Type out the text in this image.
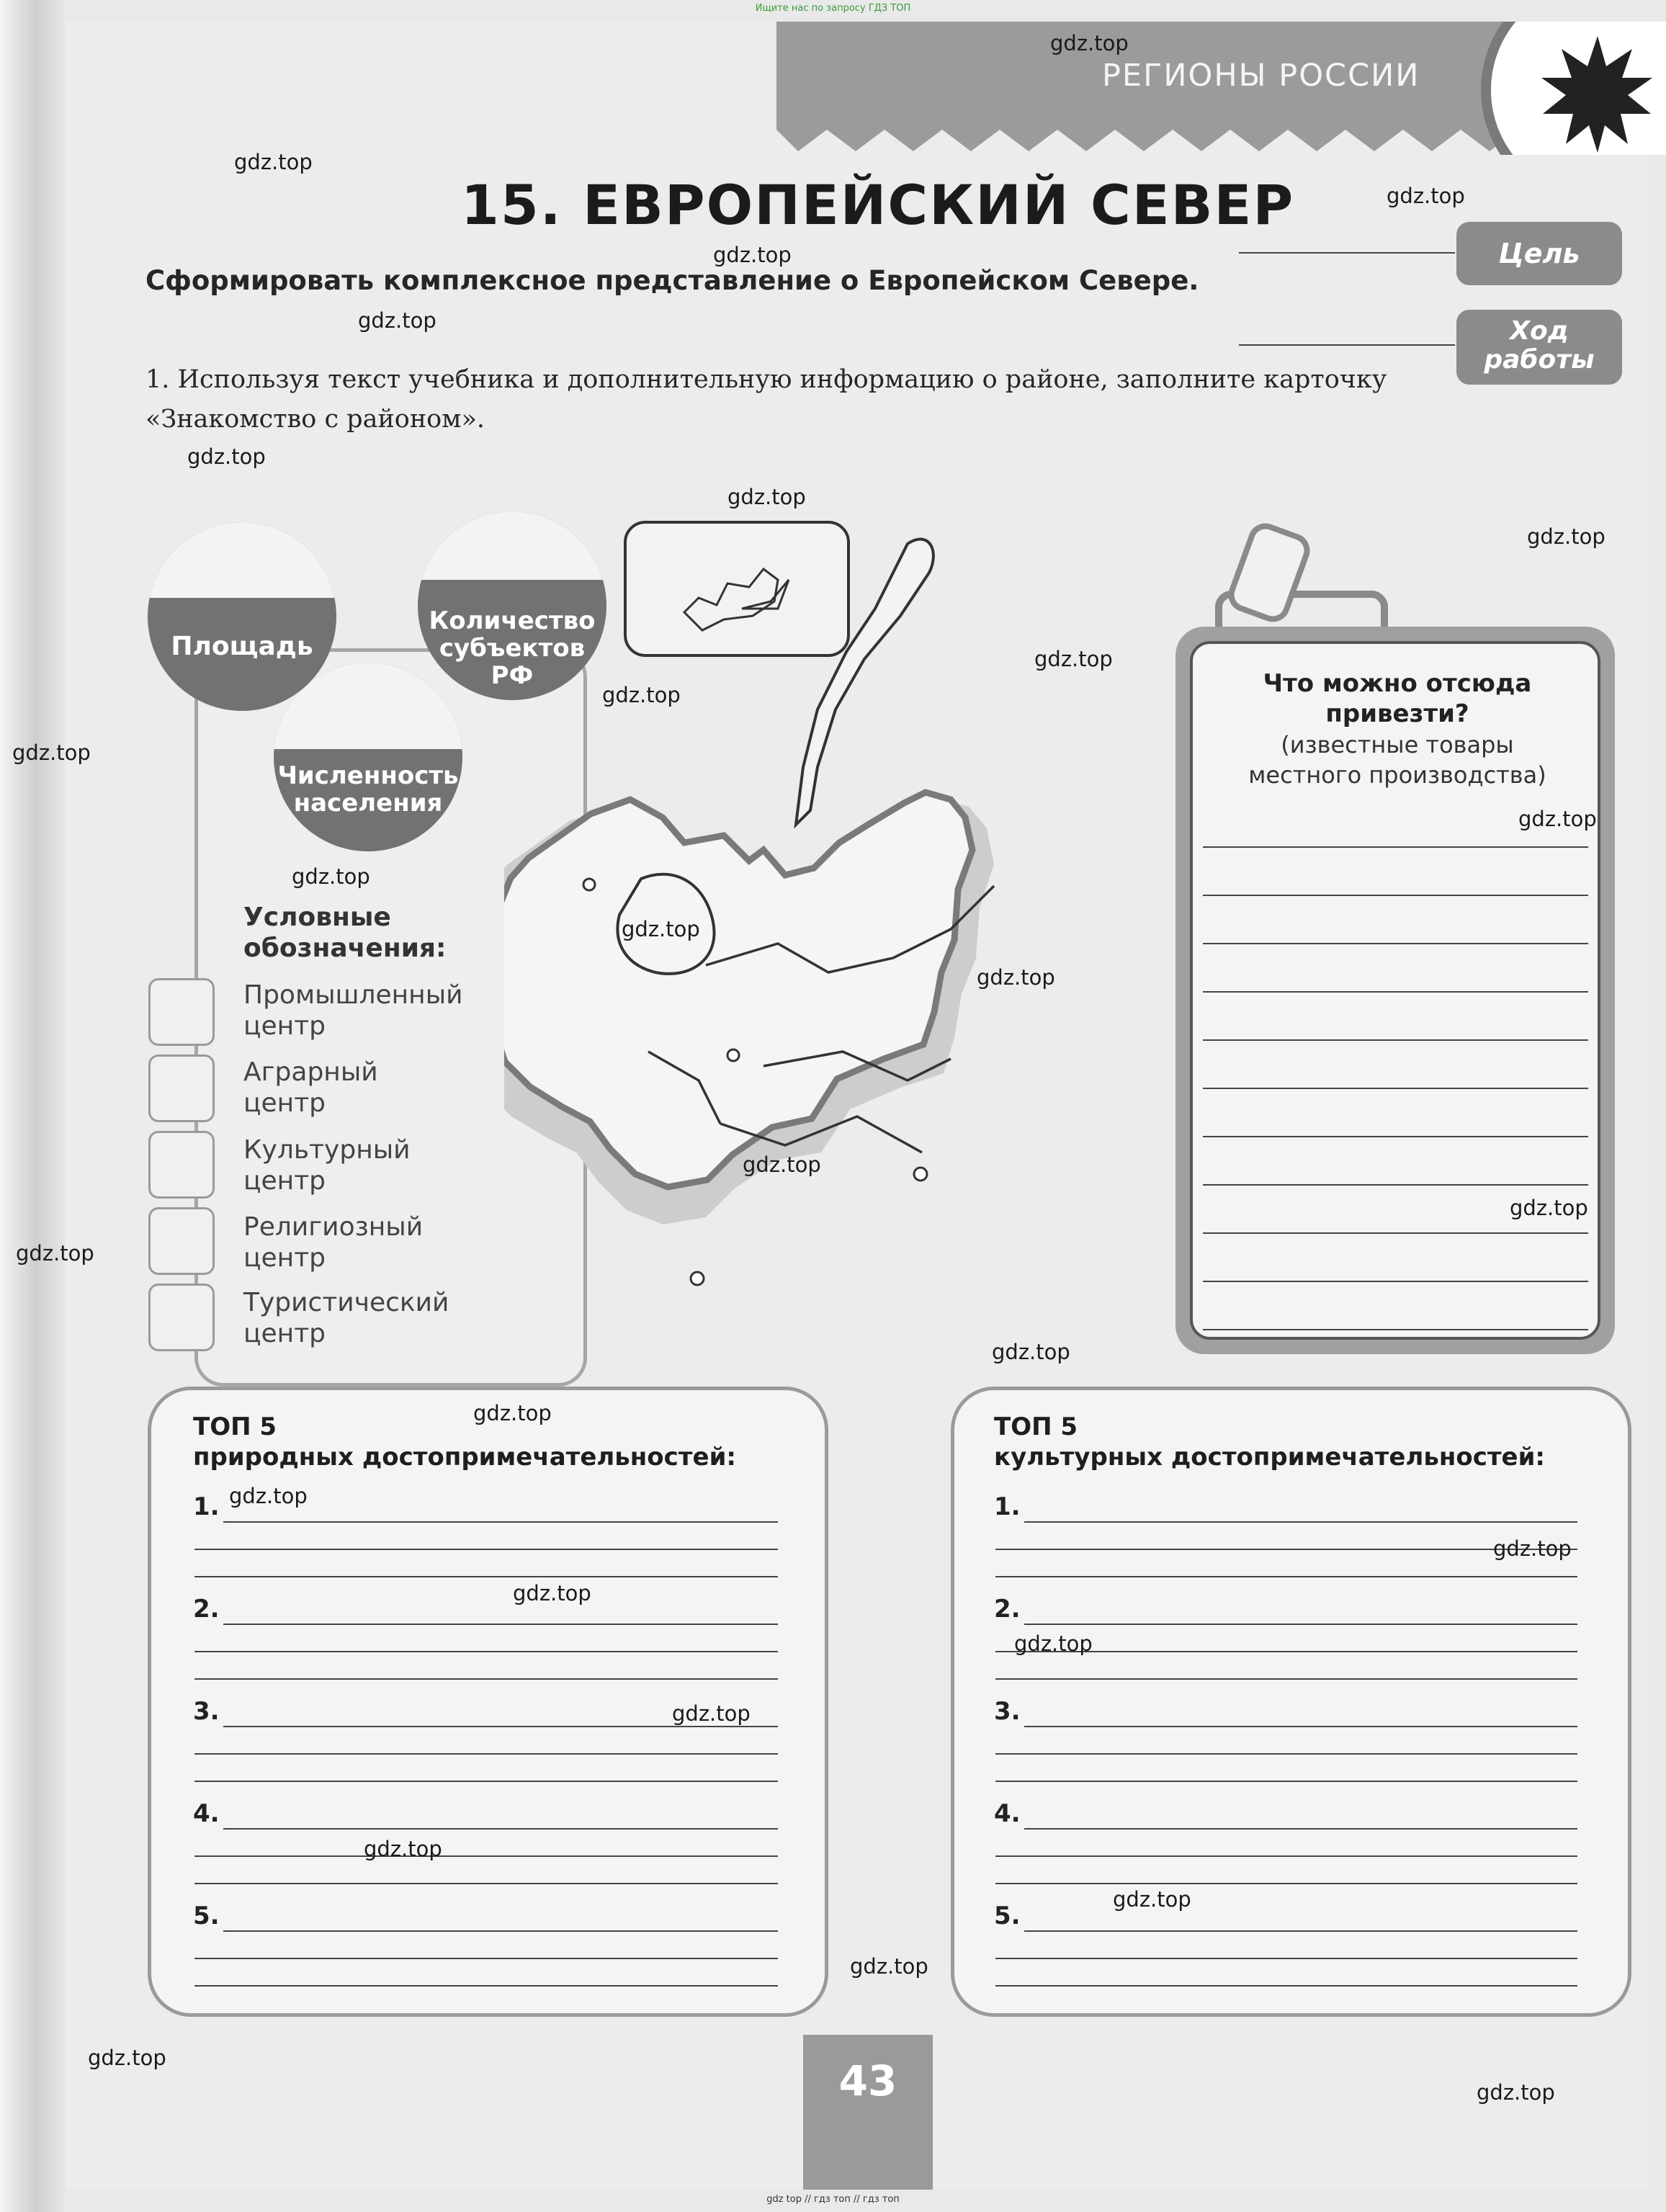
Ищите нас по запросу ГДЗ ТОП
РЕГИОНЫ РОССИИ
15. ЕВРОПЕЙСКИЙ СЕВЕР
Сформировать комплексное представление о Европейском Севере.
Цель
Ход
работы
1. Используя текст учебника и дополнительную информацию о районе, заполните карточку «Знакомство с районом».
Площадь
Количество
субъектов
РФ
Численность
населения
Условные
обозначения:
Промышленный
центр
Аграрный
центр
Культурный
центр
Религиозный
центр
Туристический
центр
Что можно отсюда
привезти?
(известные товары
местного производства)
ТОП 5
природных достопримечательностей:
ТОП 5
культурных достопримечательностей:
1.
2.
3.
4.
5.
1.
2.
3.
4.
5.
43
gdz.top
gdz.top
gdz.top
gdz.top
gdz.top
gdz.top
gdz.top
gdz.top
gdz.top
gdz.top
gdz.top
gdz.top
gdz.top
gdz.top
gdz.top
gdz.top
gdz.top
gdz.top
gdz.top
gdz.top
gdz.top
gdz.top
gdz.top
gdz.top
gdz.top
gdz.top
gdz.top
gdz.top
gdz.top
gdz.top
gdz top // гдз топ // гдз топ
